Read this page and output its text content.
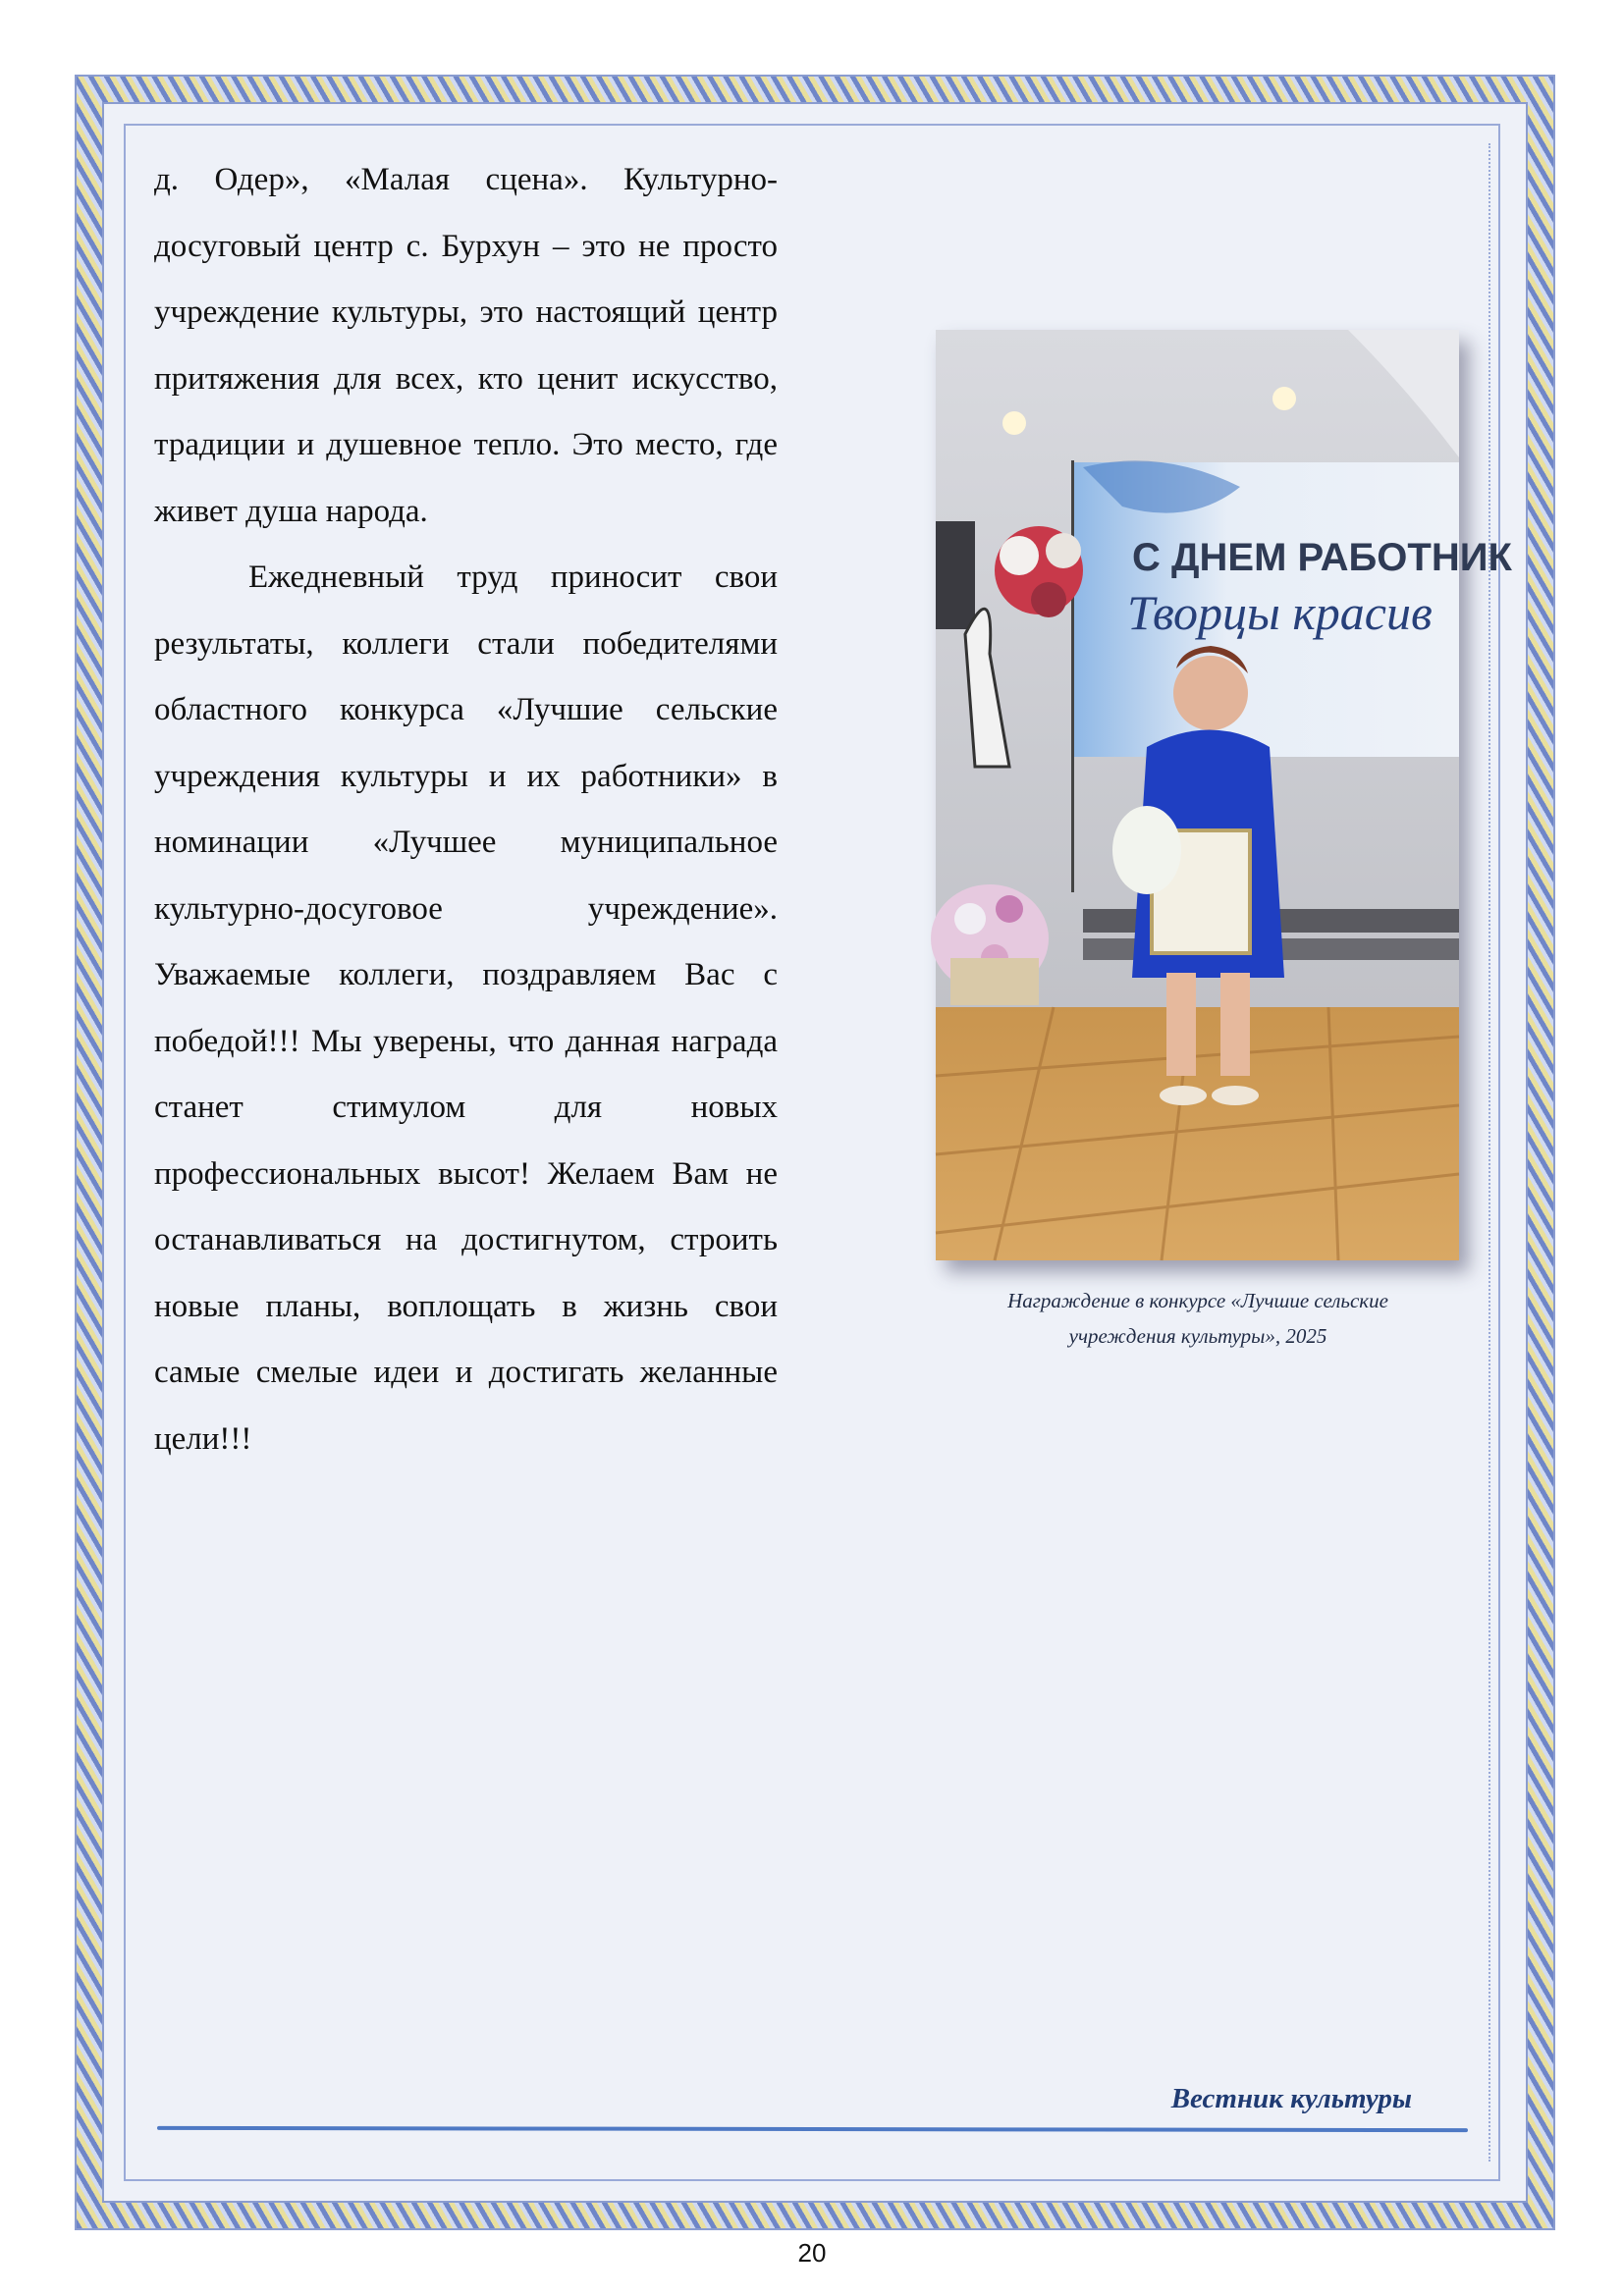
д. Одер», «Малая сцена». Культурно-досуговый центр с. Бурхун – это не просто учреждение культуры, это настоящий центр притяжения для всех, кто ценит искусство, традиции и душевное тепло. Это место, где живет душа народа.

Ежедневный труд приносит свои результаты, коллеги стали победителями областного конкурса «Лучшие сельские учреждения культуры и их работники» в номинации «Лучшее муниципальное культурно-досуговое учреждение». Уважаемые коллеги, поздравляем Вас с победой!!! Мы уверены, что данная награда станет стимулом для новых профессиональных высот! Желаем Вам не останавливаться на достигнутом, строить новые планы, воплощать в жизнь свои самые смелые идеи и достигать желанные цели!!!

С ДНЕМ РАБОТНИК
Творцы красив
Награждение в конкурсе «Лучшие сельские
учреждения культуры», 2025
Вестник культуры
20
